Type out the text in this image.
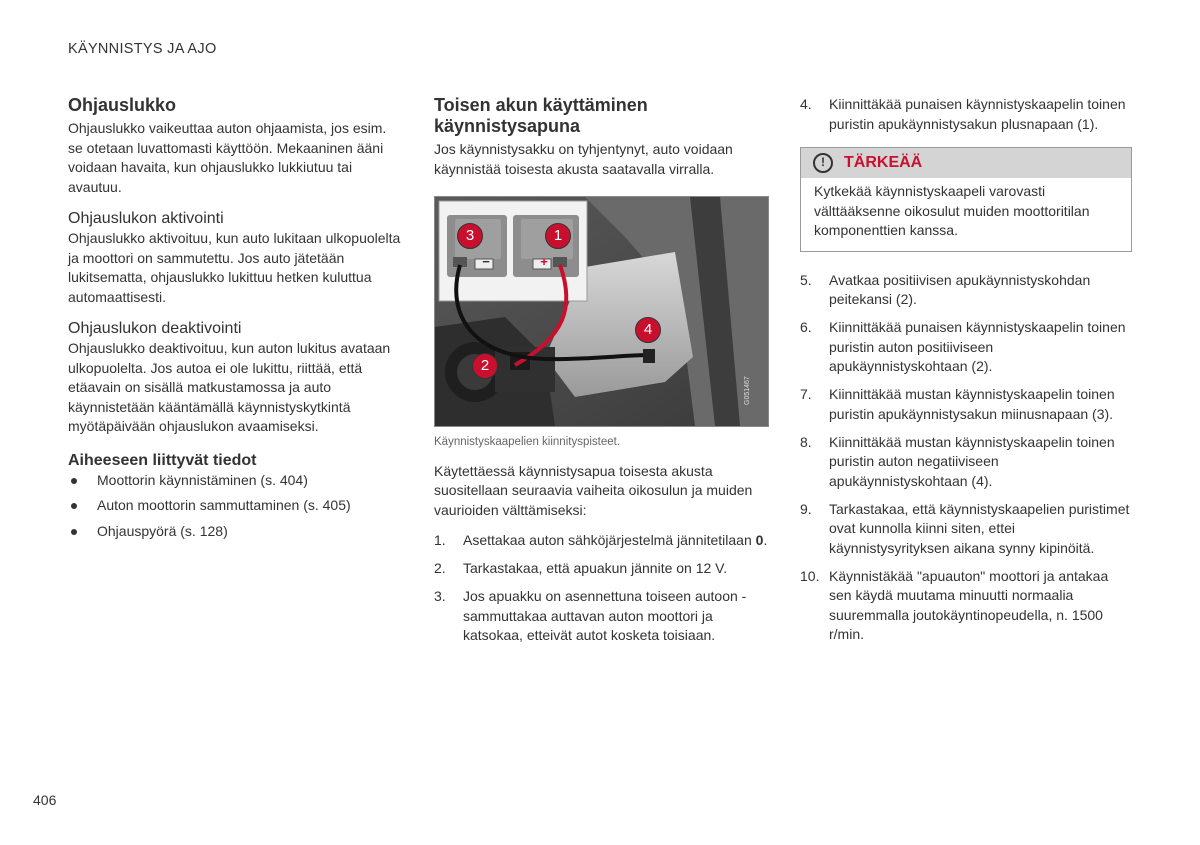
KÄYNNISTYS JA AJO
Ohjauslukko

Ohjauslukko vaikeuttaa auton ohjaamista, jos esim. se otetaan luvattomasti käyttöön. Mekaaninen ääni voidaan havaita, kun ohjauslukko lukkiutuu tai avautuu.

Ohjauslukon aktivointi

Ohjauslukko aktivoituu, kun auto lukitaan ulkopuolelta ja moottori on sammutettu. Jos auto jätetään lukitsematta, ohjauslukko lukittuu hetken kuluttua automaattisesti.

Ohjauslukon deaktivointi

Ohjauslukko deaktivoituu, kun auton lukitus avataan ulkopuolelta. Jos autoa ei ole lukittu, riittää, että etäavain on sisällä matkustamossa ja auto käynnistetään kääntämällä käynnistyskytkintä myötäpäivään ohjauslukon avaamiseksi.

Aiheeseen liittyvät tiedot
Moottorin käynnistäminen (s. 404)
Auton moottorin sammuttaminen (s. 405)
Ohjauspyörä (s. 128)
Toisen akun käyttäminen käynnistysapuna

Jos käynnistysakku on tyhjentynyt, auto voidaan käynnistää toisesta akusta saatavalla virralla.

G051467
3	1
4
2
−	+
Käynnistyskaapelien kiinnityspisteet.

Käytettäessä käynnistysapua toisesta akusta suositellaan seuraavia vaiheita oikosulun ja muiden vaurioiden välttämiseksi:

1. Asettakaa auton sähköjärjestelmä jännitetilaan 0.
2. Tarkastakaa, että apuakun jännite on 12 V.
3. Jos apuakku on asennettuna toiseen autoon - sammuttakaa auttavan auton moottori ja katsokaa, etteivät autot kosketa toisiaan.
4. Kiinnittäkää punaisen käynnistyskaapelin toinen puristin apukäynnistysakun plusnapaan (1).
!	TÄRKEÄÄ
Kytkekää käynnistyskaapeli varovasti välttääksenne oikosulut muiden moottoritilan komponenttien kanssa.
5. Avatkaa positiivisen apukäynnistyskohdan peitekansi (2).
6. Kiinnittäkää punaisen käynnistyskaapelin toinen puristin auton positiiviseen apukäynnistyskohtaan (2).
7. Kiinnittäkää mustan käynnistyskaapelin toinen puristin apukäynnistysakun miinusnapaan (3).
8. Kiinnittäkää mustan käynnistyskaapelin toinen puristin auton negatiiviseen apukäynnistyskohtaan (4).
9. Tarkastakaa, että käynnistyskaapelien puristimet ovat kunnolla kiinni siten, ettei käynnistysyrityksen aikana synny kipinöitä.
10. Käynnistäkää "apuauton" moottori ja antakaa sen käydä muutama minuutti normaalia suuremmalla joutokäyntinopeudella, n. 1500 r/min.
406
